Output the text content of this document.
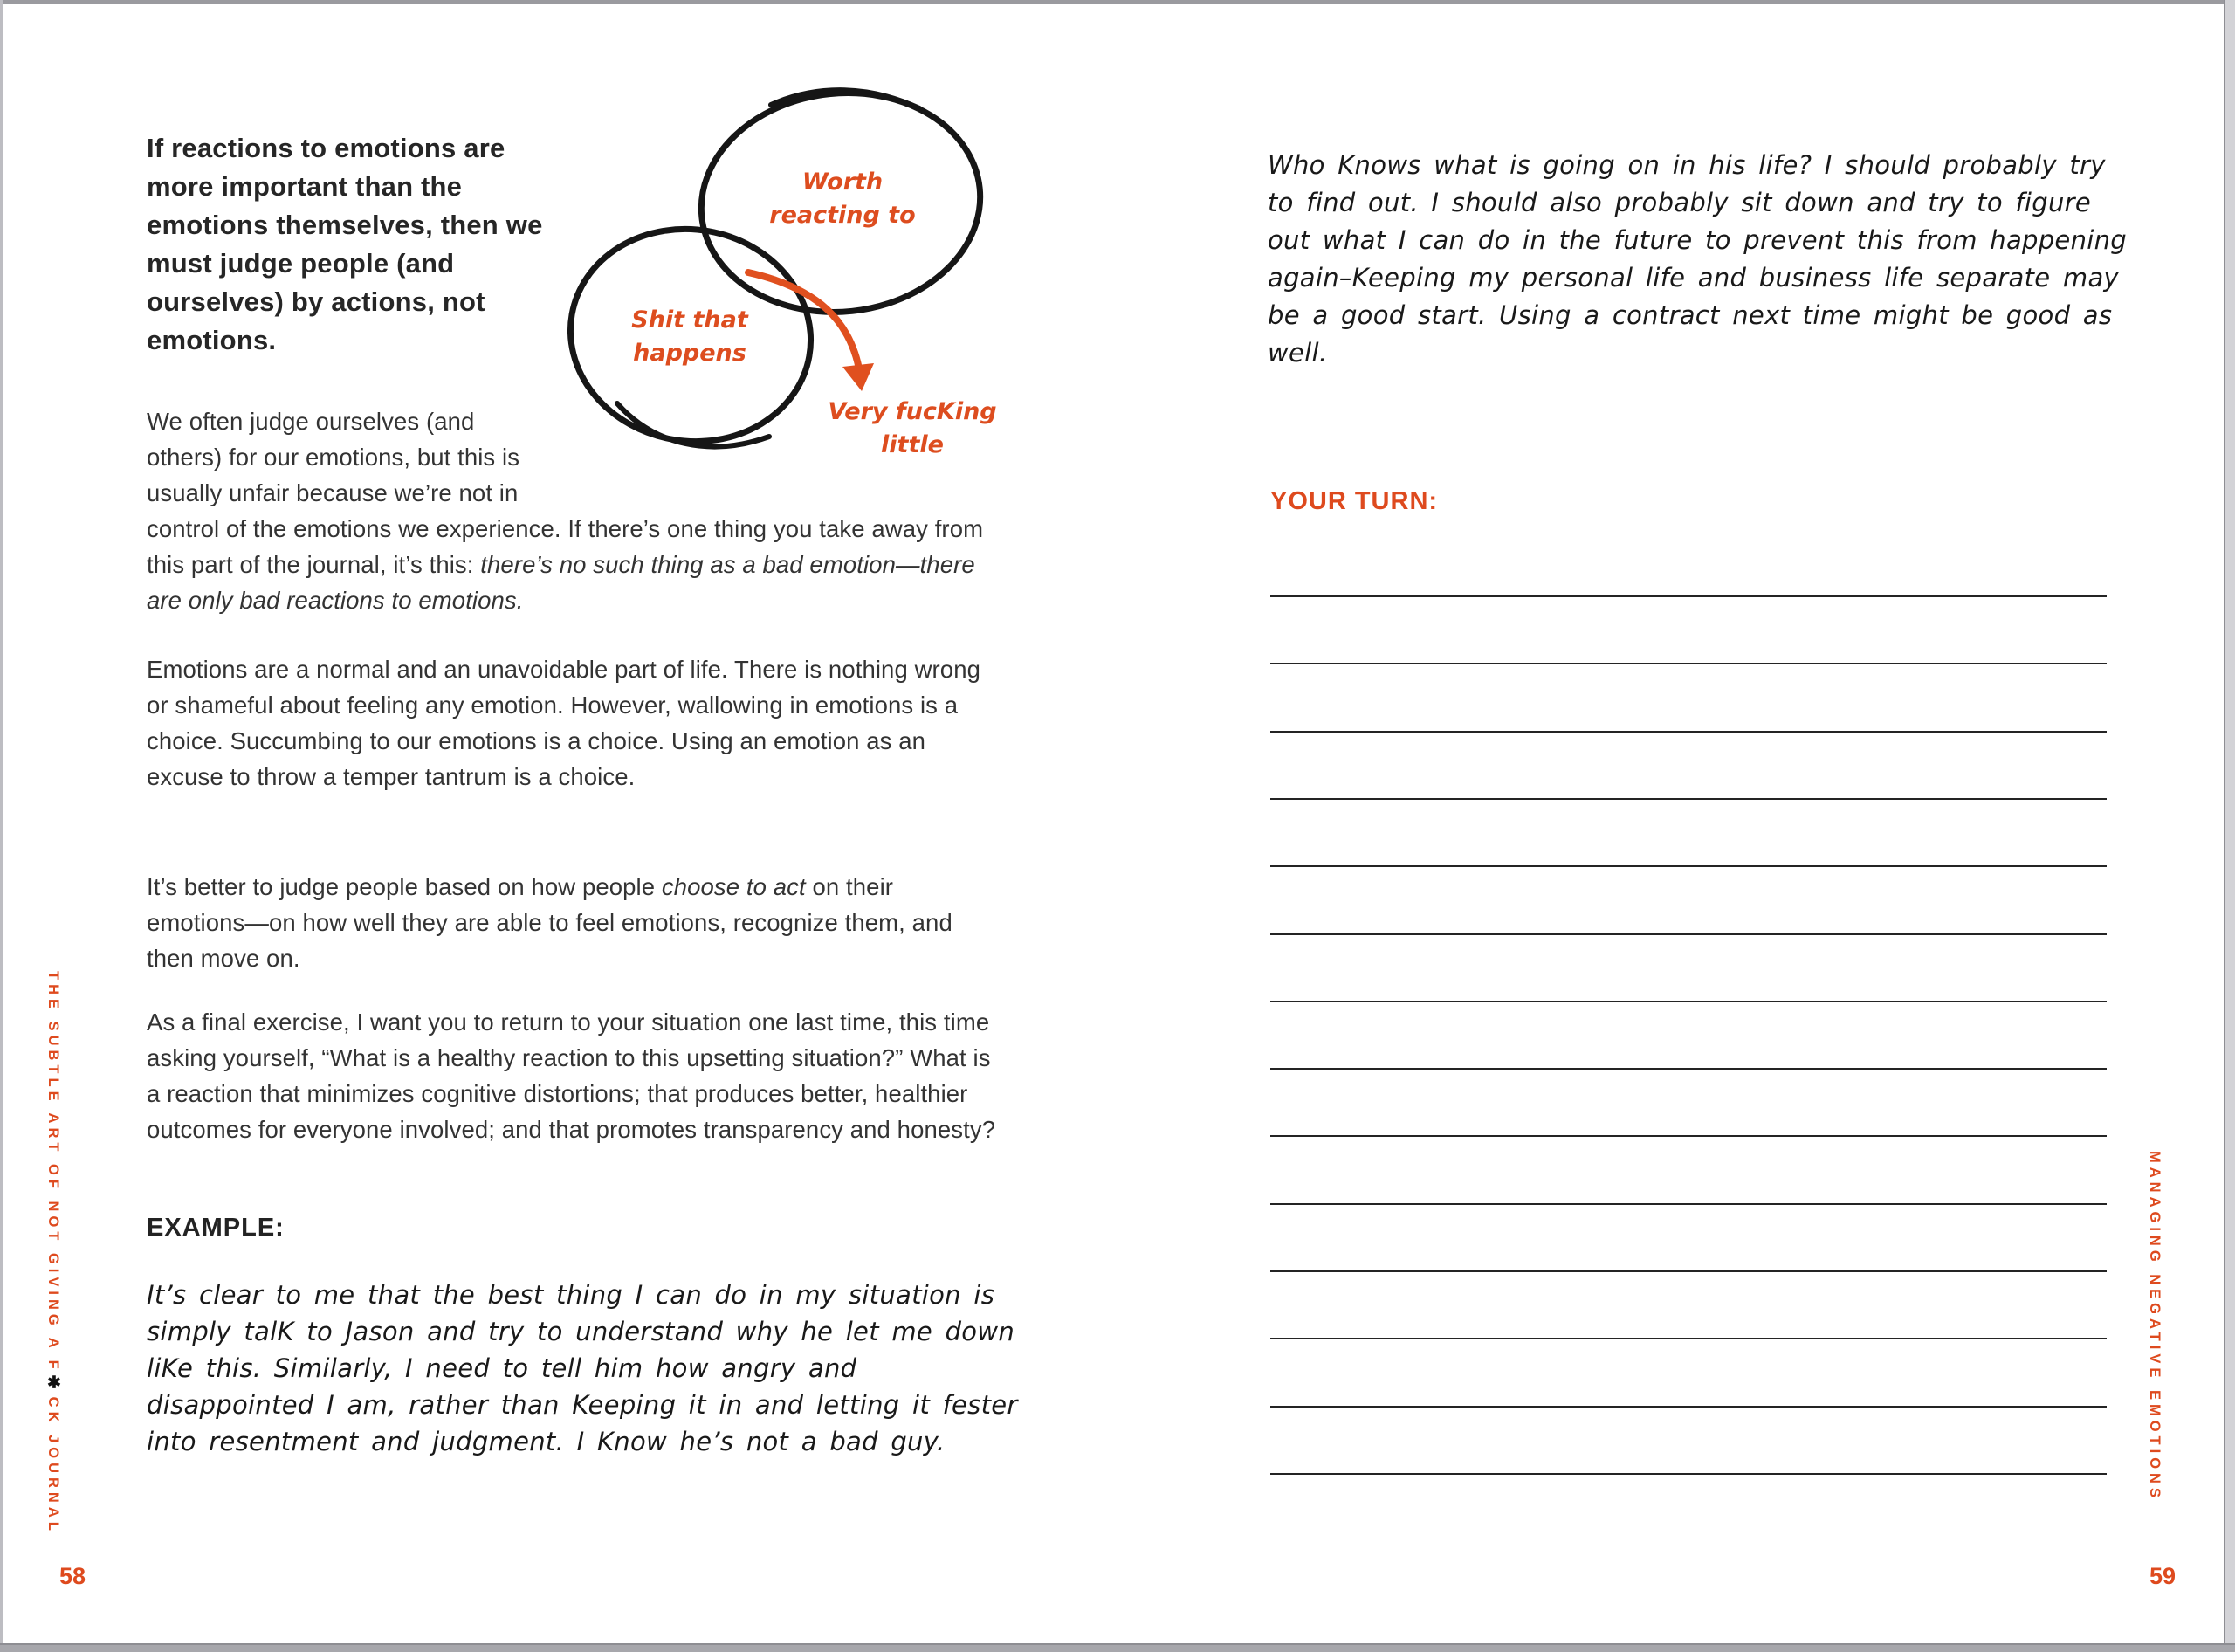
If reactions to emotions are more important than the emotions themselves, then we must judge people (and ourselves) by actions, not emotions.
Worth
reacting to
Shit that
happens
Very fucKing
little

We often judge ourselves (and others) for our emotions, but this is usually unfair because we’re not in control of the emotions we experience. If there’s one thing you take away from this part of the journal, it’s this: there’s no such thing as a bad emotion—there are only bad reactions to emotions.

Emotions are a normal and an unavoidable part of life. There is nothing wrong or shameful about feeling any emotion. However, wallowing in emotions is a choice. Succumbing to our emotions is a choice. Using an emotion as an excuse to throw a temper tantrum is a choice.

It’s better to judge people based on how people choose to act on their emotions—on how well they are able to feel emotions, recognize them, and then move on.

As a final exercise, I want you to return to your situation one last time, this time asking yourself, “What is a healthy reaction to this upsetting situation?” What is a reaction that minimizes cognitive distortions; that produces better, healthier outcomes for everyone involved; and that promotes transparency and honesty?

EXAMPLE:

It’s clear to me that the best thing I can do in my situation is simply talK to Jason and try to understand why he let me down liKe this. Similarly, I need to tell him how angry and disappointed I am, rather than Keeping it in and letting it fester into resentment and judgment. I Know he’s not a bad guy.

THE SUBTLE ART OF NOT GIVING A F✱CK JOURNAL
58

Who Knows what is going on in his life? I should probably try to find out. I should also probably sit down and try to figure out what I can do in the future to prevent this from happening again–Keeping my personal life and business life separate may be a good start. Using a contract next time might be good as well.

YOUR TURN:
MANAGING NEGATIVE EMOTIONS
59
